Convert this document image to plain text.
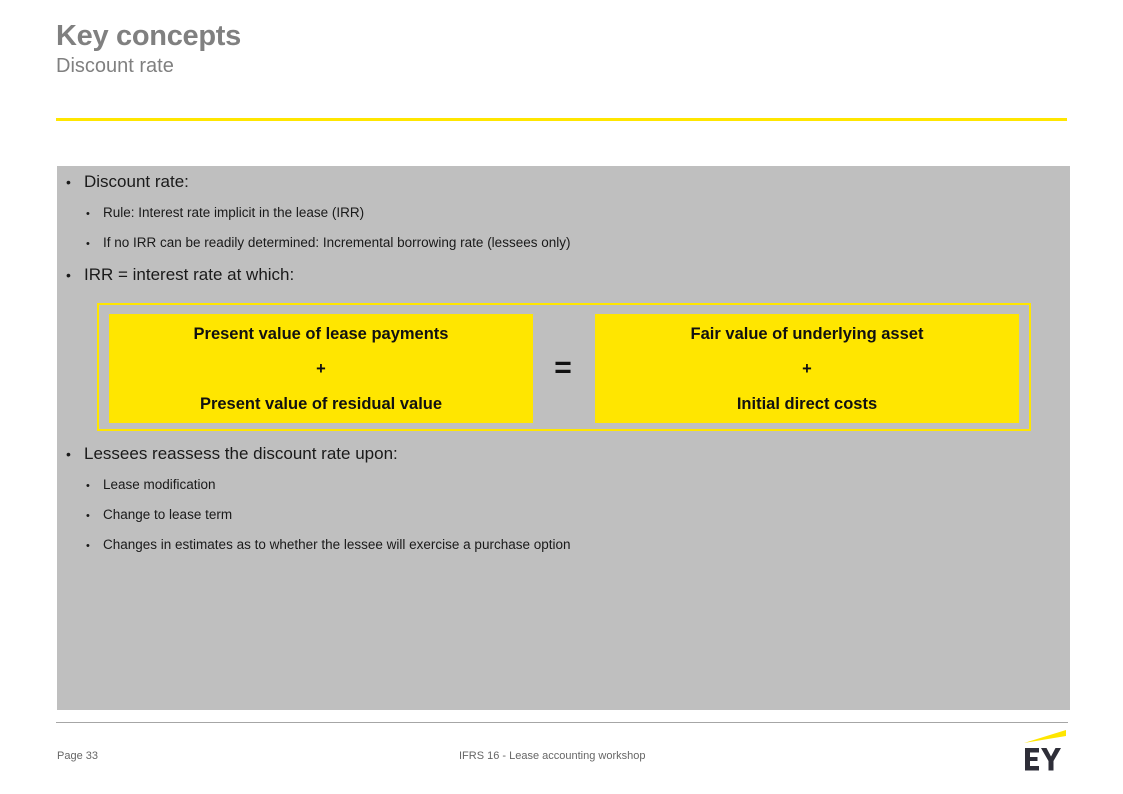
Key concepts
Discount rate
• Discount rate:
• Rule: Interest rate implicit in the lease (IRR)
• If no IRR can be readily determined: Incremental borrowing rate (lessees only)
• IRR = interest rate at which:
Present value of lease payments
+
Present value of residual value
=
Fair value of underlying asset
+
Initial direct costs
• Lessees reassess the discount rate upon:
• Lease modification
• Change to lease term
• Changes in estimates as to whether the lessee will exercise a purchase option
Page 33	IFRS 16 - Lease accounting workshop
